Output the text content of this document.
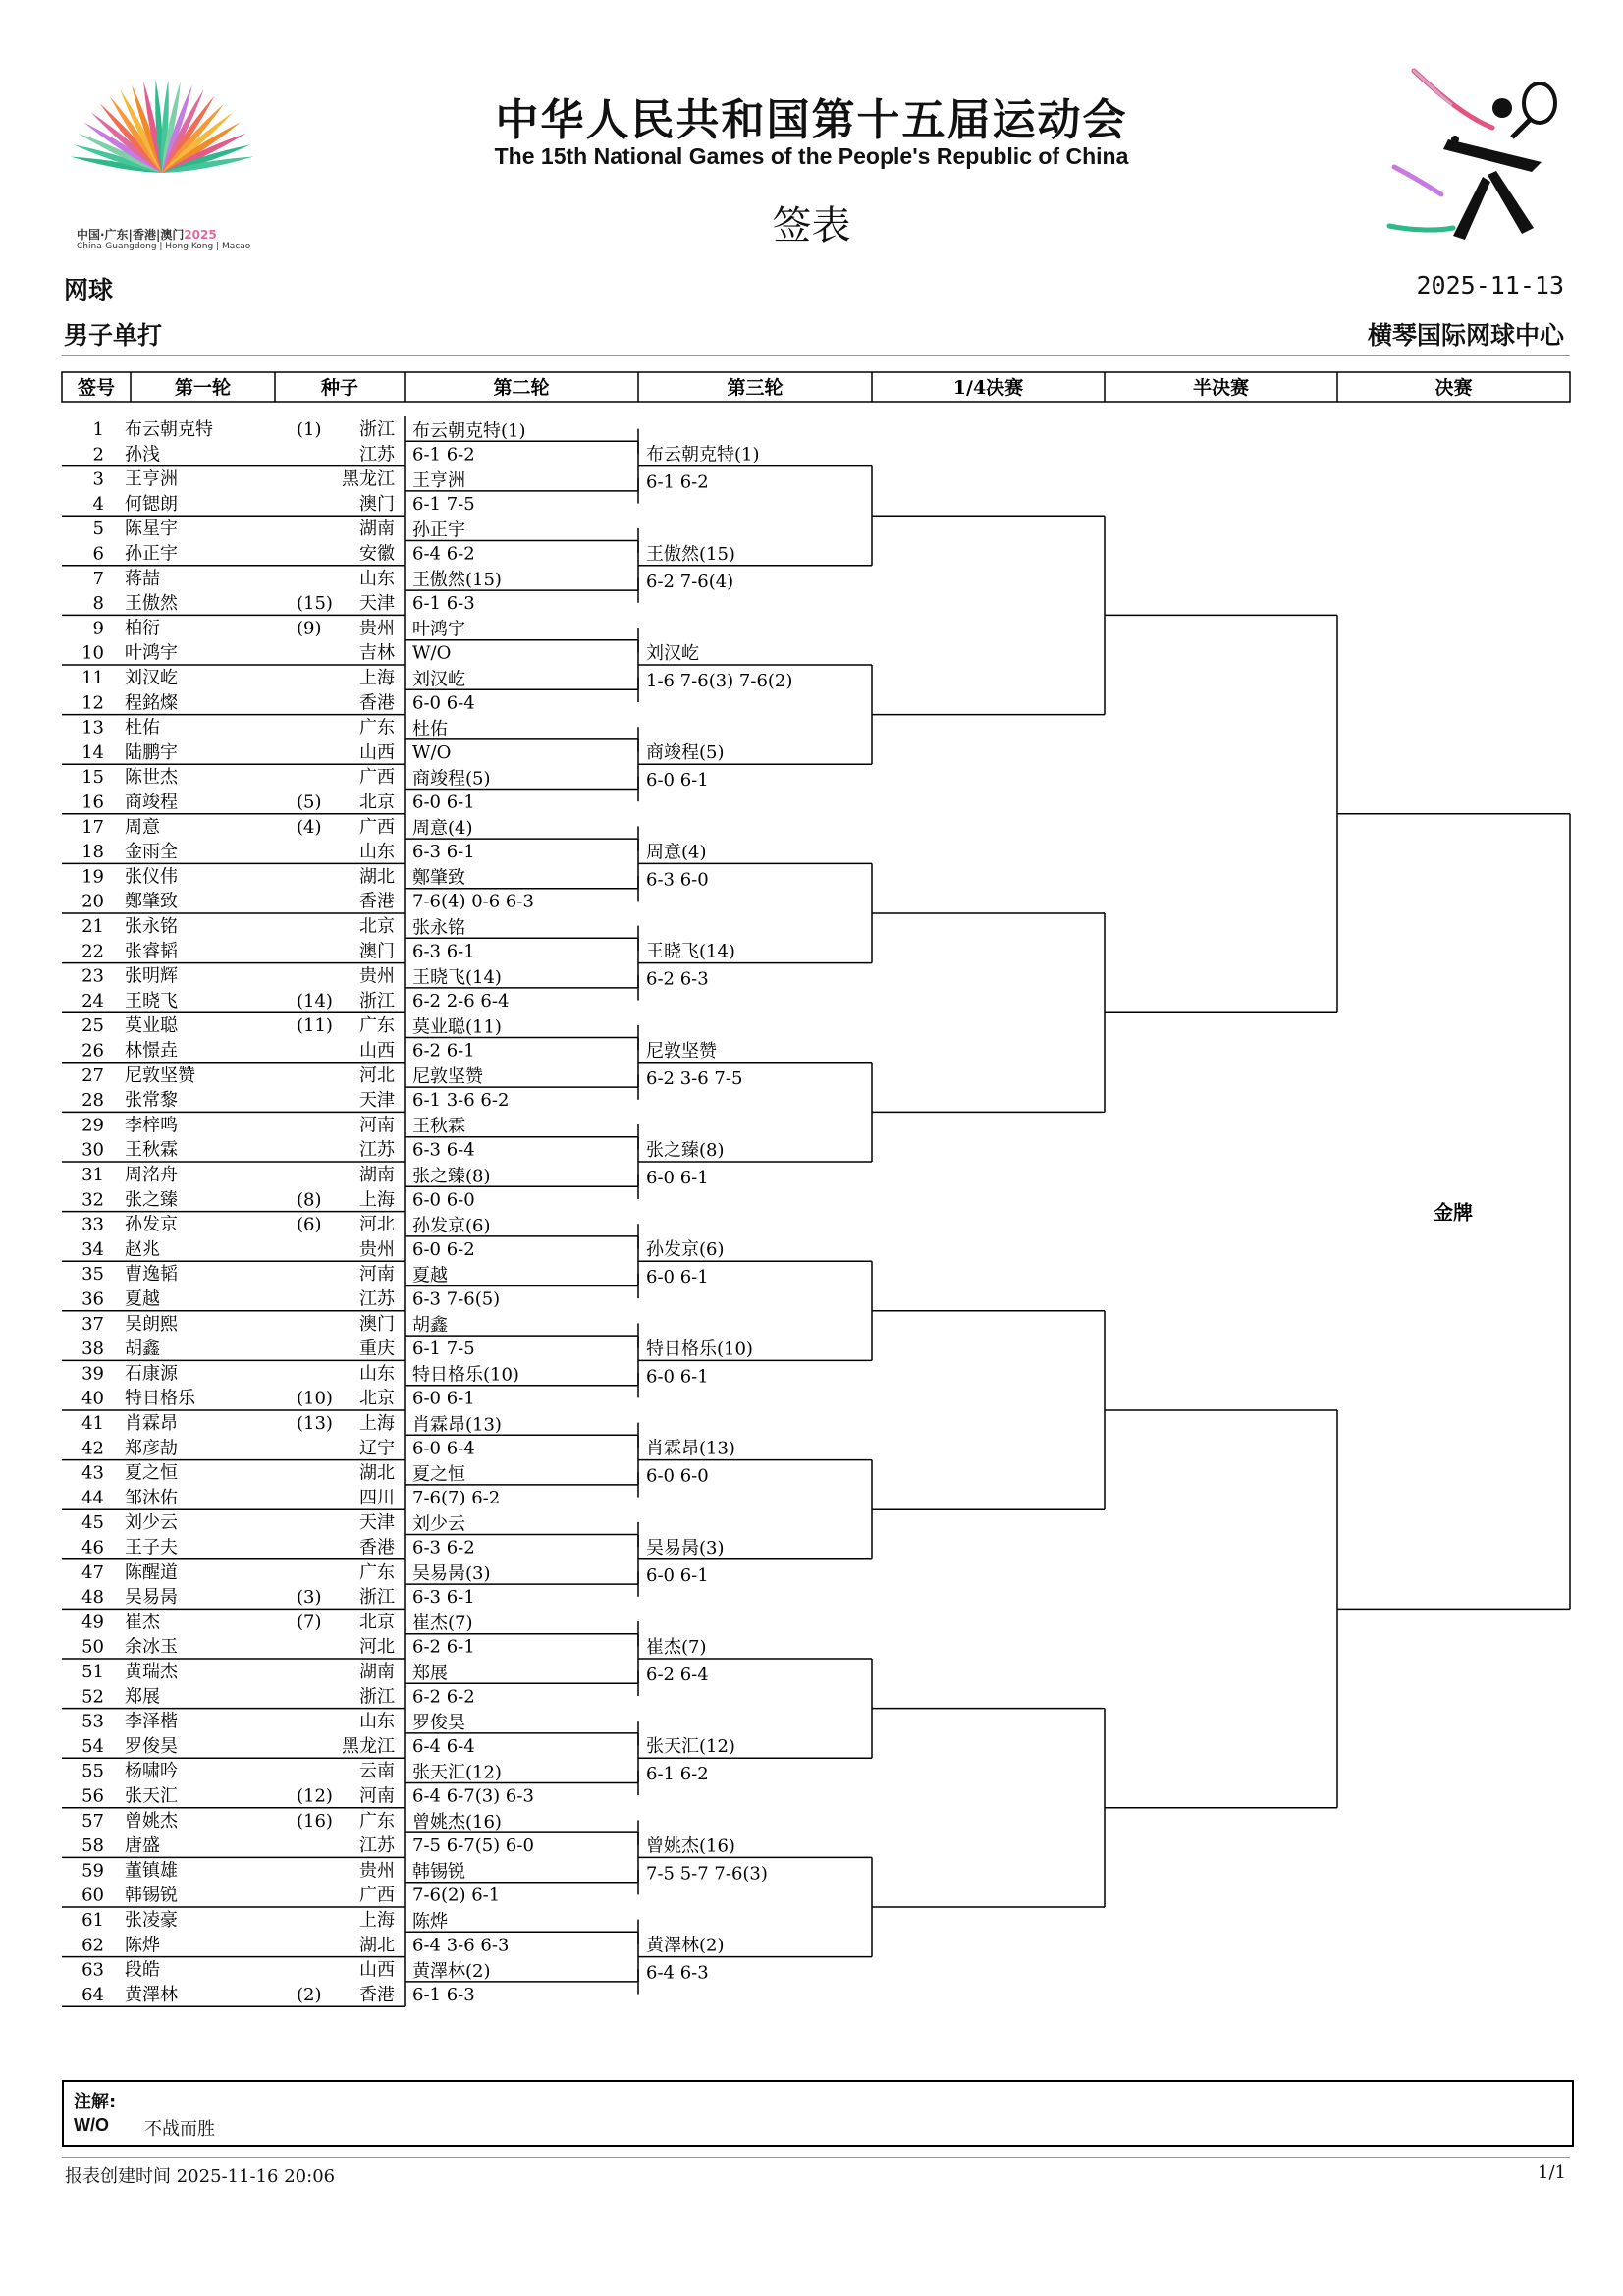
中国·广东|香港|澳门2025
China-Guangdong | Hong Kong | Macao
中华人民共和国第十五届运动会
The 15th National Games of the People's Republic of China
签表
网球	2025-11-13
男子单打	横琴国际网球中心
签号	第一轮	种子	第二轮	第三轮	1/4决赛	半决赛	决赛
1 布云朝克特	(1) 浙江
2 孙浅	江苏
3 王亨洲	黑龙江
4 何锶朗	澳门
5 陈星宇	湖南
6 孙正宇	安徽
7 蒋喆	山东
8 王傲然	(15) 天津
9 柏衍	(9) 贵州
10 叶鸿宇	吉林
11 刘汉屹	上海
12 程銘燦	香港
13 杜佑	广东
14 陆鹏宇	山西
15 陈世杰	广西
16 商竣程	(5) 北京
17 周意	(4) 广西
18 金雨全	山东
19 张仪伟	湖北
20 鄭肇致	香港
21 张永铭	北京
22 张睿韬	澳门
23 张明辉	贵州
24 王晓飞	(14) 浙江
25 莫业聪	(11) 广东
26 林憬垚	山西
27 尼敦坚赞	河北
28 张常黎	天津
29 李梓鸣	河南
30 王秋霖	江苏
31 周洺舟	湖南
32 张之臻	(8) 上海
33 孙发京	(6) 河北
34 赵兆	贵州
35 曹逸韬	河南
36 夏越	江苏
37 吴朗熙	澳门
38 胡鑫	重庆
39 石康源	山东
40 特日格乐	(10) 北京
41 肖霖昂	(13) 上海
42 郑彦劼	辽宁
43 夏之恒	湖北
44 邹沐佑	四川
45 刘少云	天津
46 王子夫	香港
47 陈醒道	广东
48 吴易昺	(3) 浙江
49 崔杰	(7) 北京
50 余冰玉	河北
51 黄瑞杰	湖南
52 郑展	浙江
53 李泽楷	山东
54 罗俊昊	黑龙江
55 杨啸吟	云南
56 张天汇	(12) 河南
57 曾姚杰	(16) 广东
58 唐盛	江苏
59 董镇雄	贵州
60 韩锡锐	广西
61 张凌豪	上海
62 陈烨	湖北
63 段皓	山西
64 黄澤林	(2) 香港
布云朝克特(1)
6-1 6-2
王亨洲
6-1 7-5
孙正宇
6-4 6-2
王傲然(15)
6-1 6-3
叶鸿宇
W/O
刘汉屹
6-0 6-4
杜佑
W/O
商竣程(5)
6-0 6-1
周意(4)
6-3 6-1
鄭肇致
7-6(4) 0-6 6-3
张永铭
6-3 6-1
王晓飞(14)
6-2 2-6 6-4
莫业聪(11)
6-2 6-1
尼敦坚赞
6-1 3-6 6-2
王秋霖
6-3 6-4
张之臻(8)
6-0 6-0
孙发京(6)
6-0 6-2
夏越
6-3 7-6(5)
胡鑫
6-1 7-5
特日格乐(10)
6-0 6-1
肖霖昂(13)
6-0 6-4
夏之恒
7-6(7) 6-2
刘少云
6-3 6-2
吴易昺(3)
6-3 6-1
崔杰(7)
6-2 6-1
郑展
6-2 6-2
罗俊昊
6-4 6-4
张天汇(12)
6-4 6-7(3) 6-3
曾姚杰(16)
7-5 6-7(5) 6-0
韩锡锐
7-6(2) 6-1
陈烨
6-4 3-6 6-3
黄澤林(2)
6-1 6-3
布云朝克特(1)
6-1 6-2
王傲然(15)
6-2 7-6(4)
刘汉屹
1-6 7-6(3) 7-6(2)
商竣程(5)
6-0 6-1
周意(4)
6-3 6-0
王晓飞(14)
6-2 6-3
尼敦坚赞
6-2 3-6 7-5
张之臻(8)
6-0 6-1
孙发京(6)
6-0 6-1
特日格乐(10)
6-0 6-1
肖霖昂(13)
6-0 6-0
吴易昺(3)
6-0 6-1
崔杰(7)
6-2 6-4
张天汇(12)
6-1 6-2
曾姚杰(16)
7-5 5-7 7-6(3)
黄澤林(2)
6-4 6-3
金牌
注解:
W/O 不战而胜
报表创建时间 2025-11-16 20:06	1/1
